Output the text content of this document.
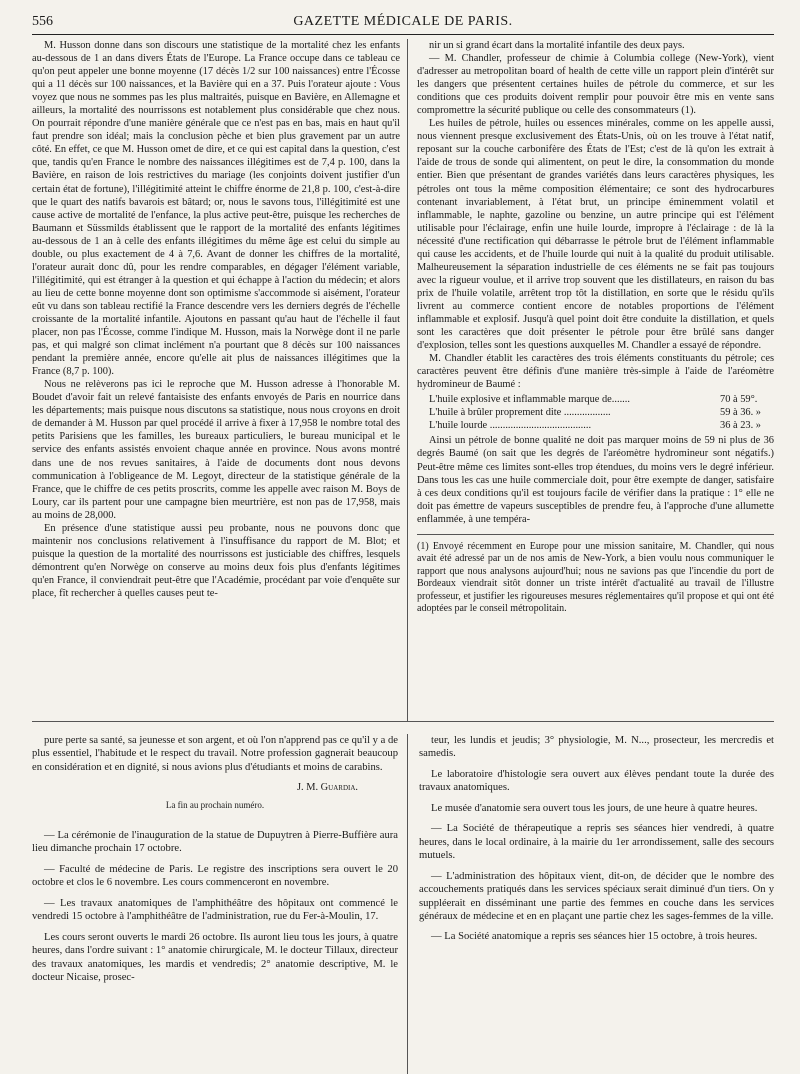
556	GAZETTE MÉDICALE DE PARIS.

M. Husson donne dans son discours une statistique de la mortalité chez les enfants au-dessous de 1 an dans divers États de l'Europe. La France occupe dans ce tableau ce qu'on peut appeler une bonne moyenne (17 décès 1/2 sur 100 naissances) entre l'Écosse qui a 11 décès sur 100 naissances, et la Bavière qui en a 37. Puis l'orateur ajoute : Vous voyez que nous ne sommes pas les plus maltraités, puisque en Bavière, en Allemagne et ailleurs, la mortalité des nourrissons est notablement plus considérable que chez nous. On pourrait répondre d'une manière générale que ce n'est pas en bas, mais en haut qu'il faut prendre son idéal; mais la conclusion pèche et bien plus gravement par un autre côté. En effet, ce que M. Husson omet de dire, et ce qui est capital dans la question, c'est que, tandis qu'en France le nombre des naissances illégitimes est de 7,4 p. 100, dans la Bavière, en raison de lois restrictives du mariage (les conjoints doivent justifier d'un certain état de fortune), l'illégitimité atteint le chiffre énorme de 21,8 p. 100, c'est-à-dire que le quart des natifs bavarois est bâtard; or, nous le savons tous, l'illégitimité est une cause active de mortalité de l'enfance, la plus active peut-être, puisque les recherches de Baumann et Süssmilds établissent que le rapport de la mortalité des enfants légitimes au-dessous de 1 an à celle des enfants illégitimes du même âge est celui du simple au double, ou plus exactement de 4 à 7,6. Avant de donner les chiffres de la mortalité, l'orateur aurait donc dû, pour les rendre comparables, en dégager l'élément variable, l'illégitimité, qui est étranger à la question et qui échappe à l'action du médecin; et alors au lieu de cette bonne moyenne dont son optimisme s'accommode si aisément, l'orateur eût vu dans son tableau rectifié la France descendre vers les derniers degrés de l'échelle croissante de la mortalité infantile. Ajoutons en passant qu'au haut de l'échelle il faut placer, non pas l'Écosse, comme l'indique M. Husson, mais la Norwège dont il ne parle pas, et qui malgré son climat inclément n'a pourtant que 8 décès sur 100 naissances pendant la première année, encore qu'elle ait plus de naissances illégitimes que la France (8,7 p. 100).

Nous ne relèverons pas ici le reproche que M. Husson adresse à l'honorable M. Boudet d'avoir fait un relevé fantaisiste des enfants envoyés de Paris en nourrice dans les départements; mais puisque nous discutons sa statistique, nous nous croyons en droit de demander à M. Husson par quel procédé il arrive à fixer à 17,958 le nombre total des petits Parisiens que les familles, les bureaux particuliers, le bureau municipal et le service des enfants assistés envoient chaque année en province. Nous avons montré dans une de nos revues sanitaires, à l'aide de documents dont nous devons communication à l'obligeance de M. Legoyt, directeur de la statistique générale de la France, que le chiffre de ces petits proscrits, comme les appelle avec raison M. Boys de Loury, car ils partent pour une campagne bien meurtrière, est non pas de 17,958, mais au moins de 28,000.

En présence d'une statistique aussi peu probante, nous ne pouvons donc que maintenir nos conclusions relativement à l'insuffisance du rapport de M. Blot; et puisque la question de la mortalité des nourrissons est justiciable des chiffres, lesquels démontrent qu'en Norwège on conserve au moins deux fois plus d'enfants légitimes qu'en France, il conviendrait peut-être que l'Académie, procédant par voie d'enquête sur place, fît rechercher à quelles causes peut te-

nir un si grand écart dans la mortalité infantile des deux pays.

— M. Chandler, professeur de chimie à Columbia college (New-York), vient d'adresser au metropolitan board of health de cette ville un rapport plein d'intérêt sur les dangers que présentent certaines huiles de pétrole du commerce, et sur les conditions que ces produits doivent remplir pour pouvoir être mis en vente sans compromettre la sécurité publique ou celle des consommateurs (1).

Les huiles de pétrole, huiles ou essences minérales, comme on les appelle aussi, nous viennent presque exclusivement des États-Unis, où on les trouve à l'état natif, reposant sur la couche carbonifère des États de l'Est; c'est de là qu'on les extrait à l'aide de trous de sonde qui alimentent, on peut le dire, la consommation du monde entier. Bien que présentant de grandes variétés dans leurs caractères physiques, les pétroles ont tous la même composition élémentaire; ce sont des hydrocarbures contenant invariablement, à l'état brut, un principe éminemment volatil et inflammable, le naphte, gazoline ou benzine, un autre principe qui est l'élément utilisable pour l'éclairage, enfin une huile lourde, impropre à l'éclairage : de là la nécessité d'une rectification qui débarrasse le pétrole brut de l'élément inflammable qui cause les accidents, et de l'huile lourde qui nuit à la qualité du produit utilisable. Malheureusement la séparation industrielle de ces éléments ne se fait pas toujours avec la rigueur voulue, et il arrive trop souvent que les distillateurs, en raison du bas prix de l'huile volatile, arrêtent trop tôt la distillation, en sorte que le résidu qu'ils livrent au commerce contient encore de notables proportions de l'élément inflammable et explosif. Jusqu'à quel point doit être conduite la distillation, et quels sont les caractères que doit présenter le pétrole pour être brûlé sans danger d'explosion, telles sont les questions auxquelles M. Chandler a essayé de répondre.

M. Chandler établit les caractères des trois éléments constituants du pétrole; ces caractères peuvent être définis d'une manière très-simple à l'aide de l'aréomètre hydromineur de Baumé :

L'huile explosive et inflammable marque de.......	70 à 59°.
L'huile à brûler proprement dite ..................	59 à 36. »
L'huile lourde .......................................	36 à 23. »

Ainsi un pétrole de bonne qualité ne doit pas marquer moins de 59 ni plus de 36 degrés Baumé (on sait que les degrés de l'aréomètre hydromineur sont négatifs.) Peut-être même ces limites sont-elles trop étendues, du moins vers le degré inférieur. Dans tous les cas une huile commerciale doit, pour être exempte de danger, satisfaire à ces deux conditions qu'il est toujours facile de vérifier dans la pratique : 1° elle ne doit pas émettre de vapeurs susceptibles de prendre feu, à l'approche d'une allumette enflammée, à une tempéra-

(1) Envoyé récemment en Europe pour une mission sanitaire, M. Chandler, qui nous avait été adressé par un de nos amis de New-York, a bien voulu nous communiquer le rapport que nous analysons aujourd'hui; nous ne savions pas que l'incendie du port de Bordeaux viendrait sitôt donner un triste intérêt d'actualité au travail de l'illustre professeur, et justifier les rigoureuses mesures réglementaires qu'il propose et qui ont été adoptées par le conseil métropolitain.

pure perte sa santé, sa jeunesse et son argent, et où l'on n'apprend pas ce qu'il y a de plus essentiel, l'habitude et le respect du travail. Notre profession gagnerait beaucoup en considération et en dignité, si nous avions plus d'étudiants et moins de carabins.

J. M. Guardia.
La fin au prochain numéro.

— La cérémonie de l'inauguration de la statue de Dupuytren à Pierre-Buffière aura lieu dimanche prochain 17 octobre.

— Faculté de médecine de Paris. Le registre des inscriptions sera ouvert le 20 octobre et clos le 6 novembre. Les cours commenceront en novembre.

— Les travaux anatomiques de l'amphithéâtre des hôpitaux ont commencé le vendredi 15 octobre à l'amphithéâtre de l'administration, rue du Fer-à-Moulin, 17.

Les cours seront ouverts le mardi 26 octobre. Ils auront lieu tous les jours, à quatre heures, dans l'ordre suivant : 1° anatomie chirurgicale, M. le docteur Tillaux, directeur des travaux anatomiques, les mardis et vendredis; 2° anatomie descriptive, M. le docteur Nicaise, prosec-

teur, les lundis et jeudis; 3° physiologie, M. N..., prosecteur, les mercredis et samedis.

Le laboratoire d'histologie sera ouvert aux élèves pendant toute la durée des travaux anatomiques.

Le musée d'anatomie sera ouvert tous les jours, de une heure à quatre heures.

— La Société de thérapeutique a repris ses séances hier vendredi, à quatre heures, dans le local ordinaire, à la mairie du 1er arrondissement, salle des secours mutuels.

— L'administration des hôpitaux vient, dit-on, de décider que le nombre des accouchements pratiqués dans les services spéciaux serait diminué d'un tiers. On y suppléerait en disséminant une partie des femmes en couche dans les services généraux de médecine et en en plaçant une partie chez les sages-femmes de la ville.

— La Société anatomique a repris ses séances hier 15 octobre, à trois heures.
